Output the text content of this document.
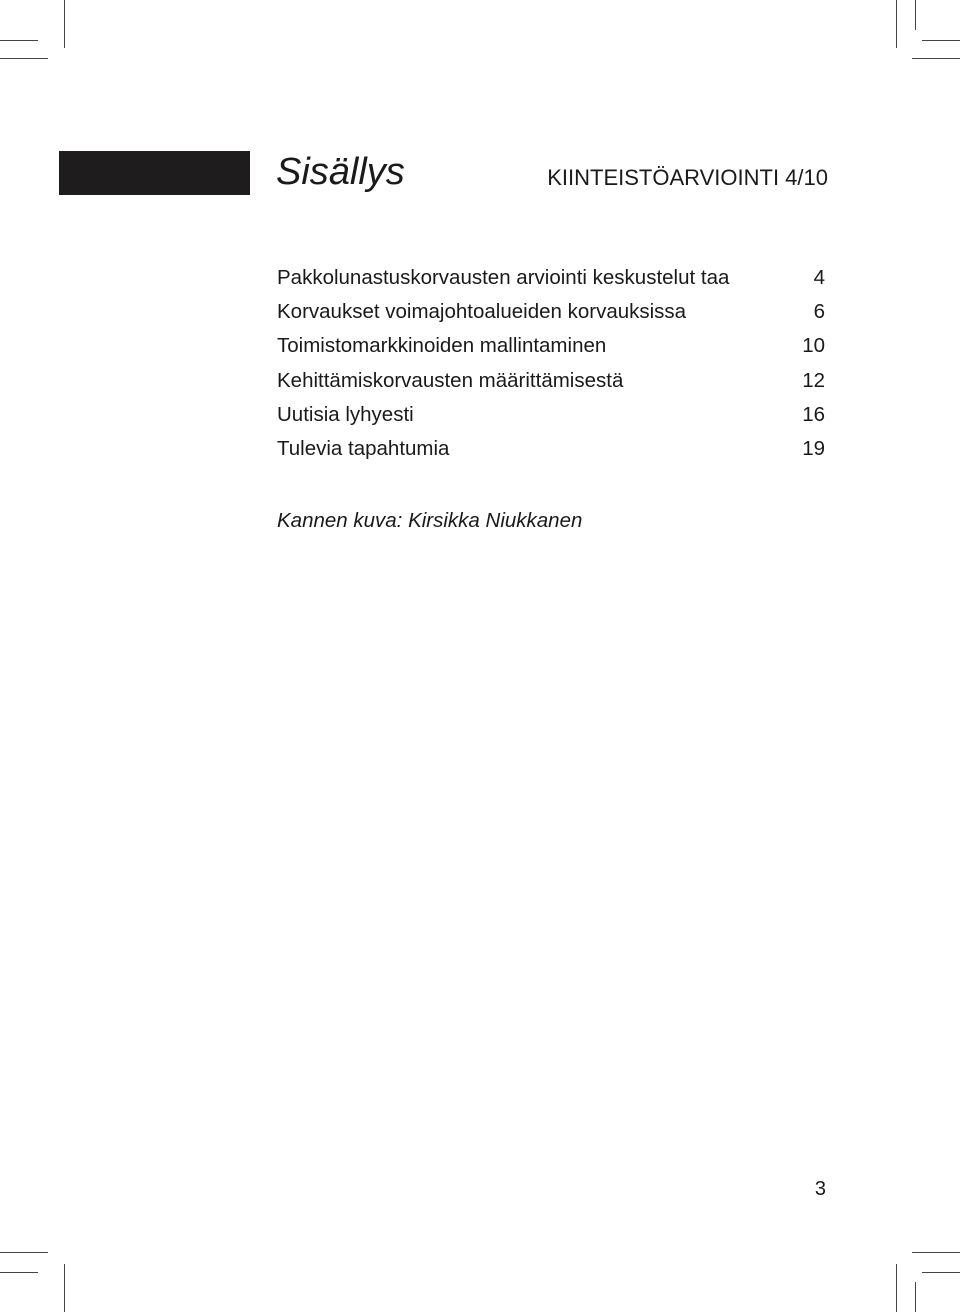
Sisällys	KIINTEISTÖARVIOINTI 4/10
Pakkolunastuskorvausten arviointi keskustelut taa	4
Korvaukset voimajohtoalueiden korvauksissa	6
Toimistomarkkinoiden mallintaminen	10
Kehittämiskorvausten määrittämisestä	12
Uutisia lyhyesti	16
Tulevia tapahtumia	19
Kannen kuva: Kirsikka Niukkanen
3
